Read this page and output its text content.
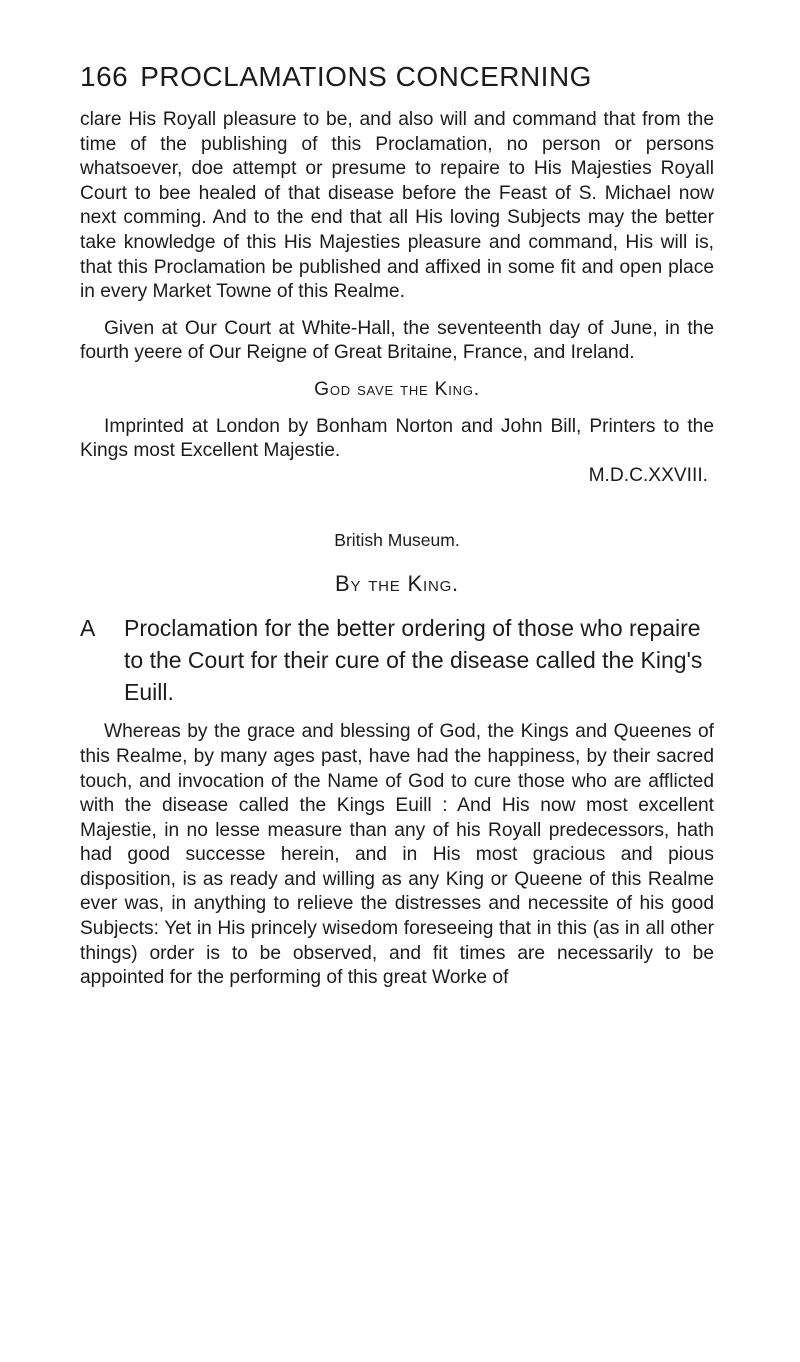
166 PROCLAMATIONS CONCERNING

clare His Royall pleasure to be, and also will and command that from the time of the publishing of this Proclamation, no person or persons whatsoever, doe attempt or presume to repaire to His Majesties Royall Court to bee healed of that disease before the Feast of S. Michael now next comming. And to the end that all His loving Subjects may the better take knowledge of this His Majesties pleasure and command, His will is, that this Proclamation be published and affixed in some fit and open place in every Market Towne of this Realme.

Given at Our Court at White-Hall, the seventeenth day of June, in the fourth yeere of Our Reigne of Great Britaine, France, and Ireland.

God save the King.

Imprinted at London by Bonham Norton and John Bill, Printers to the Kings most Excellent Majestie.

M.D.C.XXVIII.
British Museum.
By the King.
A Proclamation for the better ordering of those who repaire to the Court for their cure of the disease called the King's Euill.

Whereas by the grace and blessing of God, the Kings and Queenes of this Realme, by many ages past, have had the happiness, by their sacred touch, and invocation of the Name of God to cure those who are afflicted with the disease called the Kings Euill : And His now most excellent Majestie, in no lesse measure than any of his Royall predecessors, hath had good successe herein, and in His most gracious and pious disposition, is as ready and willing as any King or Queene of this Realme ever was, in anything to relieve the distresses and necessite of his good Subjects: Yet in His princely wisedom foreseeing that in this (as in all other things) order is to be observed, and fit times are necessarily to be appointed for the performing of this great Worke of
